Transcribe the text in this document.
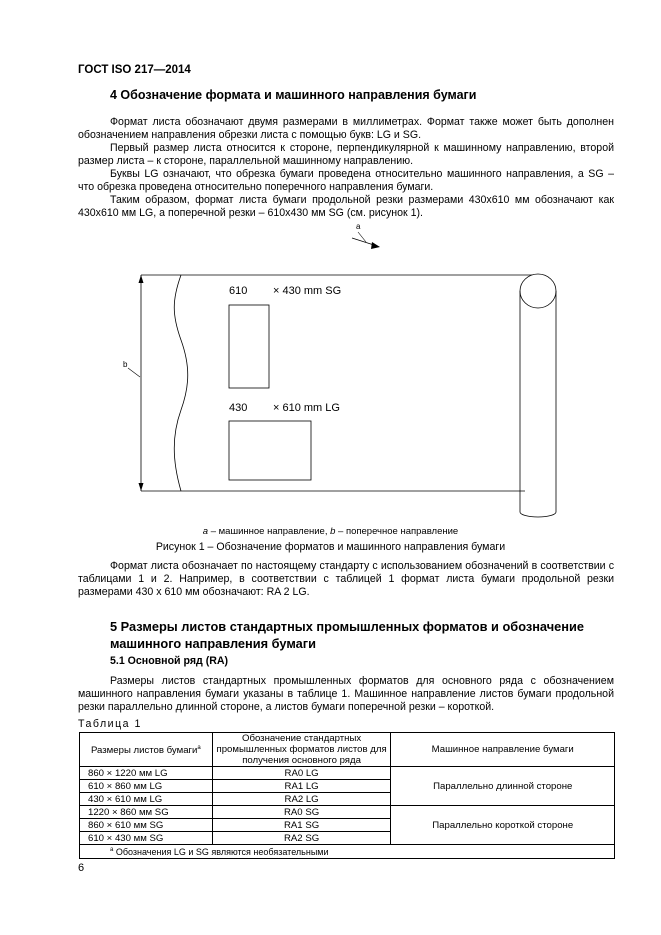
ГОСТ ISO 217—2014
4 Обозначение формата и машинного направления бумаги
Формат листа обозначают двумя размерами в миллиметрах. Формат также может быть дополнен обозначением направления обрезки листа с помощью букв: LG и SG.
Первый размер листа относится к стороне, перпендикулярной к машинному направлению, второй размер листа – к стороне, параллельной машинному направлению.
Буквы LG означают, что обрезка бумаги проведена относительно машинного направления, а SG – что обрезка проведена относительно поперечного направления бумаги.
Таким образом, формат листа бумаги продольной резки размерами 430х610 мм обозначают как 430х610 мм LG, а поперечной резки – 610х430 мм SG (см. рисунок 1).
a
b
610 × 430 mm SG
430 × 610 mm LG
a – машинное направление, b – поперечное направление
Рисунок 1 – Обозначение форматов и машинного направления бумаги
Формат листа обозначает по настоящему стандарту с использованием обозначений в соответствии с таблицами 1 и 2. Например, в соответствии с таблицей 1 формат листа бумаги продольной резки размерами 430 х 610 мм обозначают: RA 2 LG.
5 Размеры листов стандартных промышленных форматов и обозначение машинного направления бумаги
5.1 Основной ряд (RA)
Размеры листов стандартных промышленных форматов для основного ряда с обозначением машинного направления бумаги указаны в таблице 1. Машинное направление листов бумаги продольной резки параллельно длинной стороне, а листов бумаги поперечной резки – короткой.
Таблица 1
Размеры листов бумаги$^а$	Обозначение стандартных промышленных форматов листов для получения основного ряда	Машинное направление бумаги
860 × 1220 мм LG	RA0 LG	Параллельно длинной стороне
610 × 860 мм LG	RA1 LG	
430 × 610 мм LG	RA2 LG	
1220 × 860 мм SG	RA0 SG	Параллельно короткой стороне
860 × 610 мм SG	RA1 SG	
610 × 430 мм SG	RA2 SG	
$^а$ Обозначения LG и SG являются необязательными		
6
